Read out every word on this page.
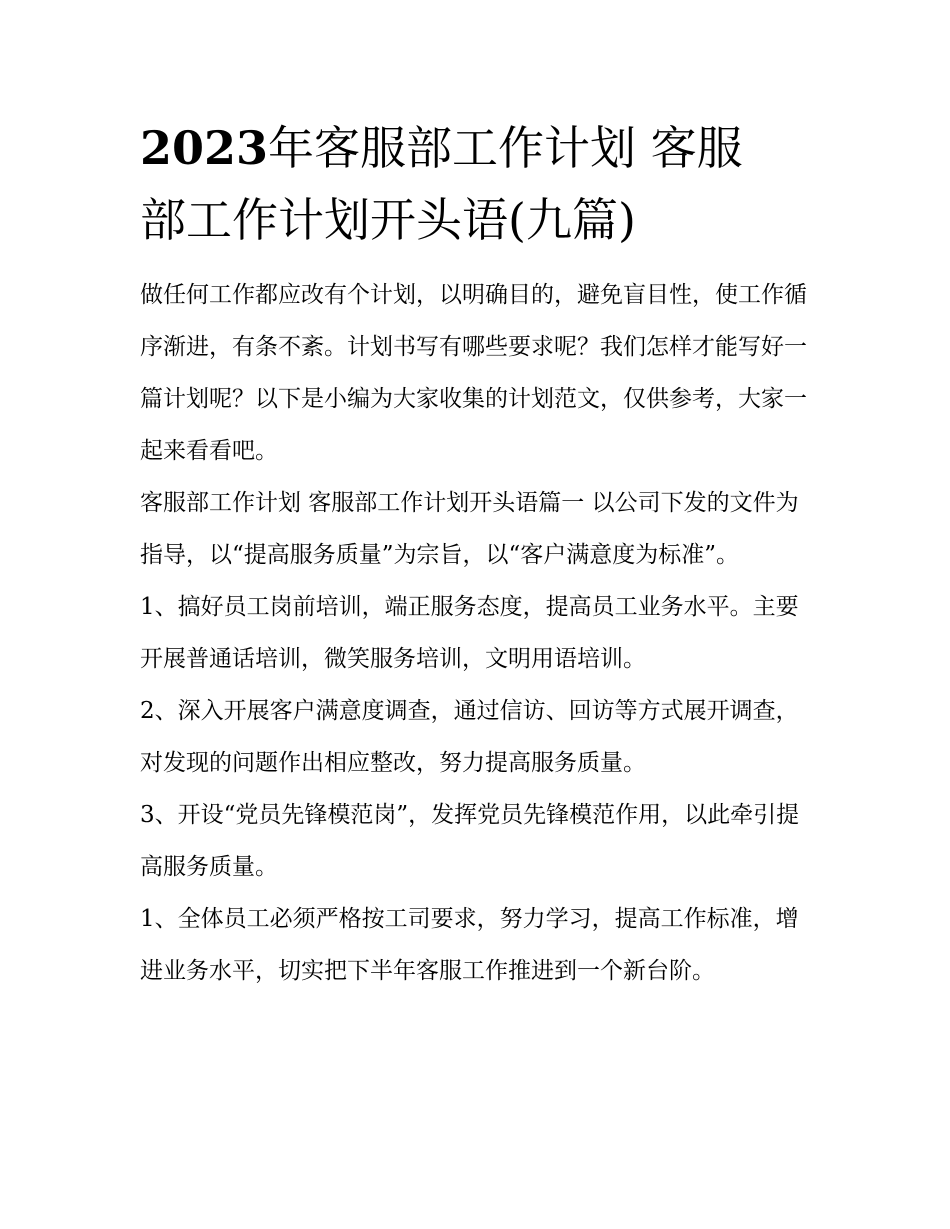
2023年客服部工作计划 客服
部工作计划开头语(九篇)

做任何工作都应改有个计划，以明确目的，避免盲目性，使工作循序渐进，有条不紊。计划书写有哪些要求呢？我们怎样才能写好一篇计划呢？以下是小编为大家收集的计划范文，仅供参考，大家一起来看看吧。

客服部工作计划 客服部工作计划开头语篇一 以公司下发的文件为指导，以“提高服务质量”为宗旨，以“客户满意度为标准”。

1、搞好员工岗前培训，端正服务态度，提高员工业务水平。主要开展普通话培训，微笑服务培训，文明用语培训。

2、深入开展客户满意度调查，通过信访、回访等方式展开调查，对发现的问题作出相应整改，努力提高服务质量。

3、开设“党员先锋模范岗”，发挥党员先锋模范作用，以此牵引提高服务质量。

1、全体员工必须严格按工司要求，努力学习，提高工作标准，增进业务水平，切实把下半年客服工作推进到一个新台阶。
